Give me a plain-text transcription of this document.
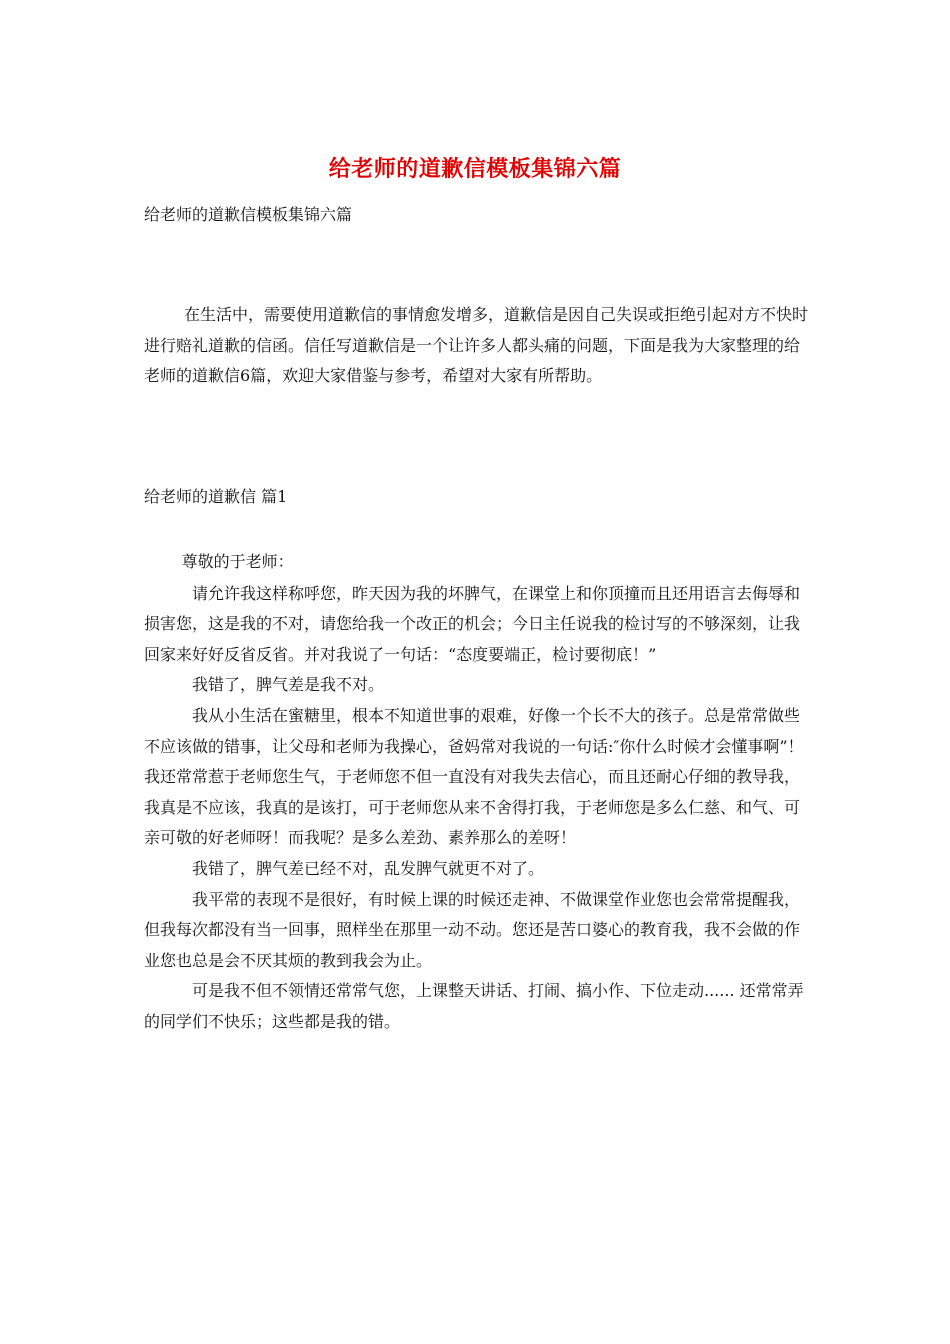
给老师的道歉信模板集锦六篇

给老师的道歉信模板集锦六篇

在生活中，需要使用道歉信的事情愈发增多，道歉信是因自己失误或拒绝引起对方不快时进行赔礼道歉的信函。信任写道歉信是一个让许多人都头痛的问题，下面是我为大家整理的给老师的道歉信6篇，欢迎大家借鉴与参考，希望对大家有所帮助。

给老师的道歉信 篇1

尊敬的于老师：

请允许我这样称呼您，昨天因为我的坏脾气，在课堂上和你顶撞而且还用语言去侮辱和损害您，这是我的不对，请您给我一个改正的机会；今日主任说我的检讨写的不够深刻，让我回家来好好反省反省。并对我说了一句话：“态度要端正，检讨要彻底！”

我错了，脾气差是我不对。

我从小生活在蜜糖里，根本不知道世事的艰难，好像一个长不大的孩子。总是常常做些不应该做的错事，让父母和老师为我操心，爸妈常对我说的一句话:″你什么时候才会懂事啊”！我还常常惹于老师您生气，于老师您不但一直没有对我失去信心，而且还耐心仔细的教导我，我真是不应该，我真的是该打，可于老师您从来不舍得打我，于老师您是多么仁慈、和气、可亲可敬的好老师呀！而我呢？是多么差劲、素养那么的差呀！

我错了，脾气差已经不对，乱发脾气就更不对了。

我平常的表现不是很好，有时候上课的时候还走神、不做课堂作业您也会常常提醒我，但我每次都没有当一回事，照样坐在那里一动不动。您还是苦口婆心的教育我，我不会做的作业您也总是会不厌其烦的教到我会为止。

可是我不但不领情还常常气您，上课整天讲话、打闹、搞小作、下位走动...... 还常常弄的同学们不快乐；这些都是我的错。
